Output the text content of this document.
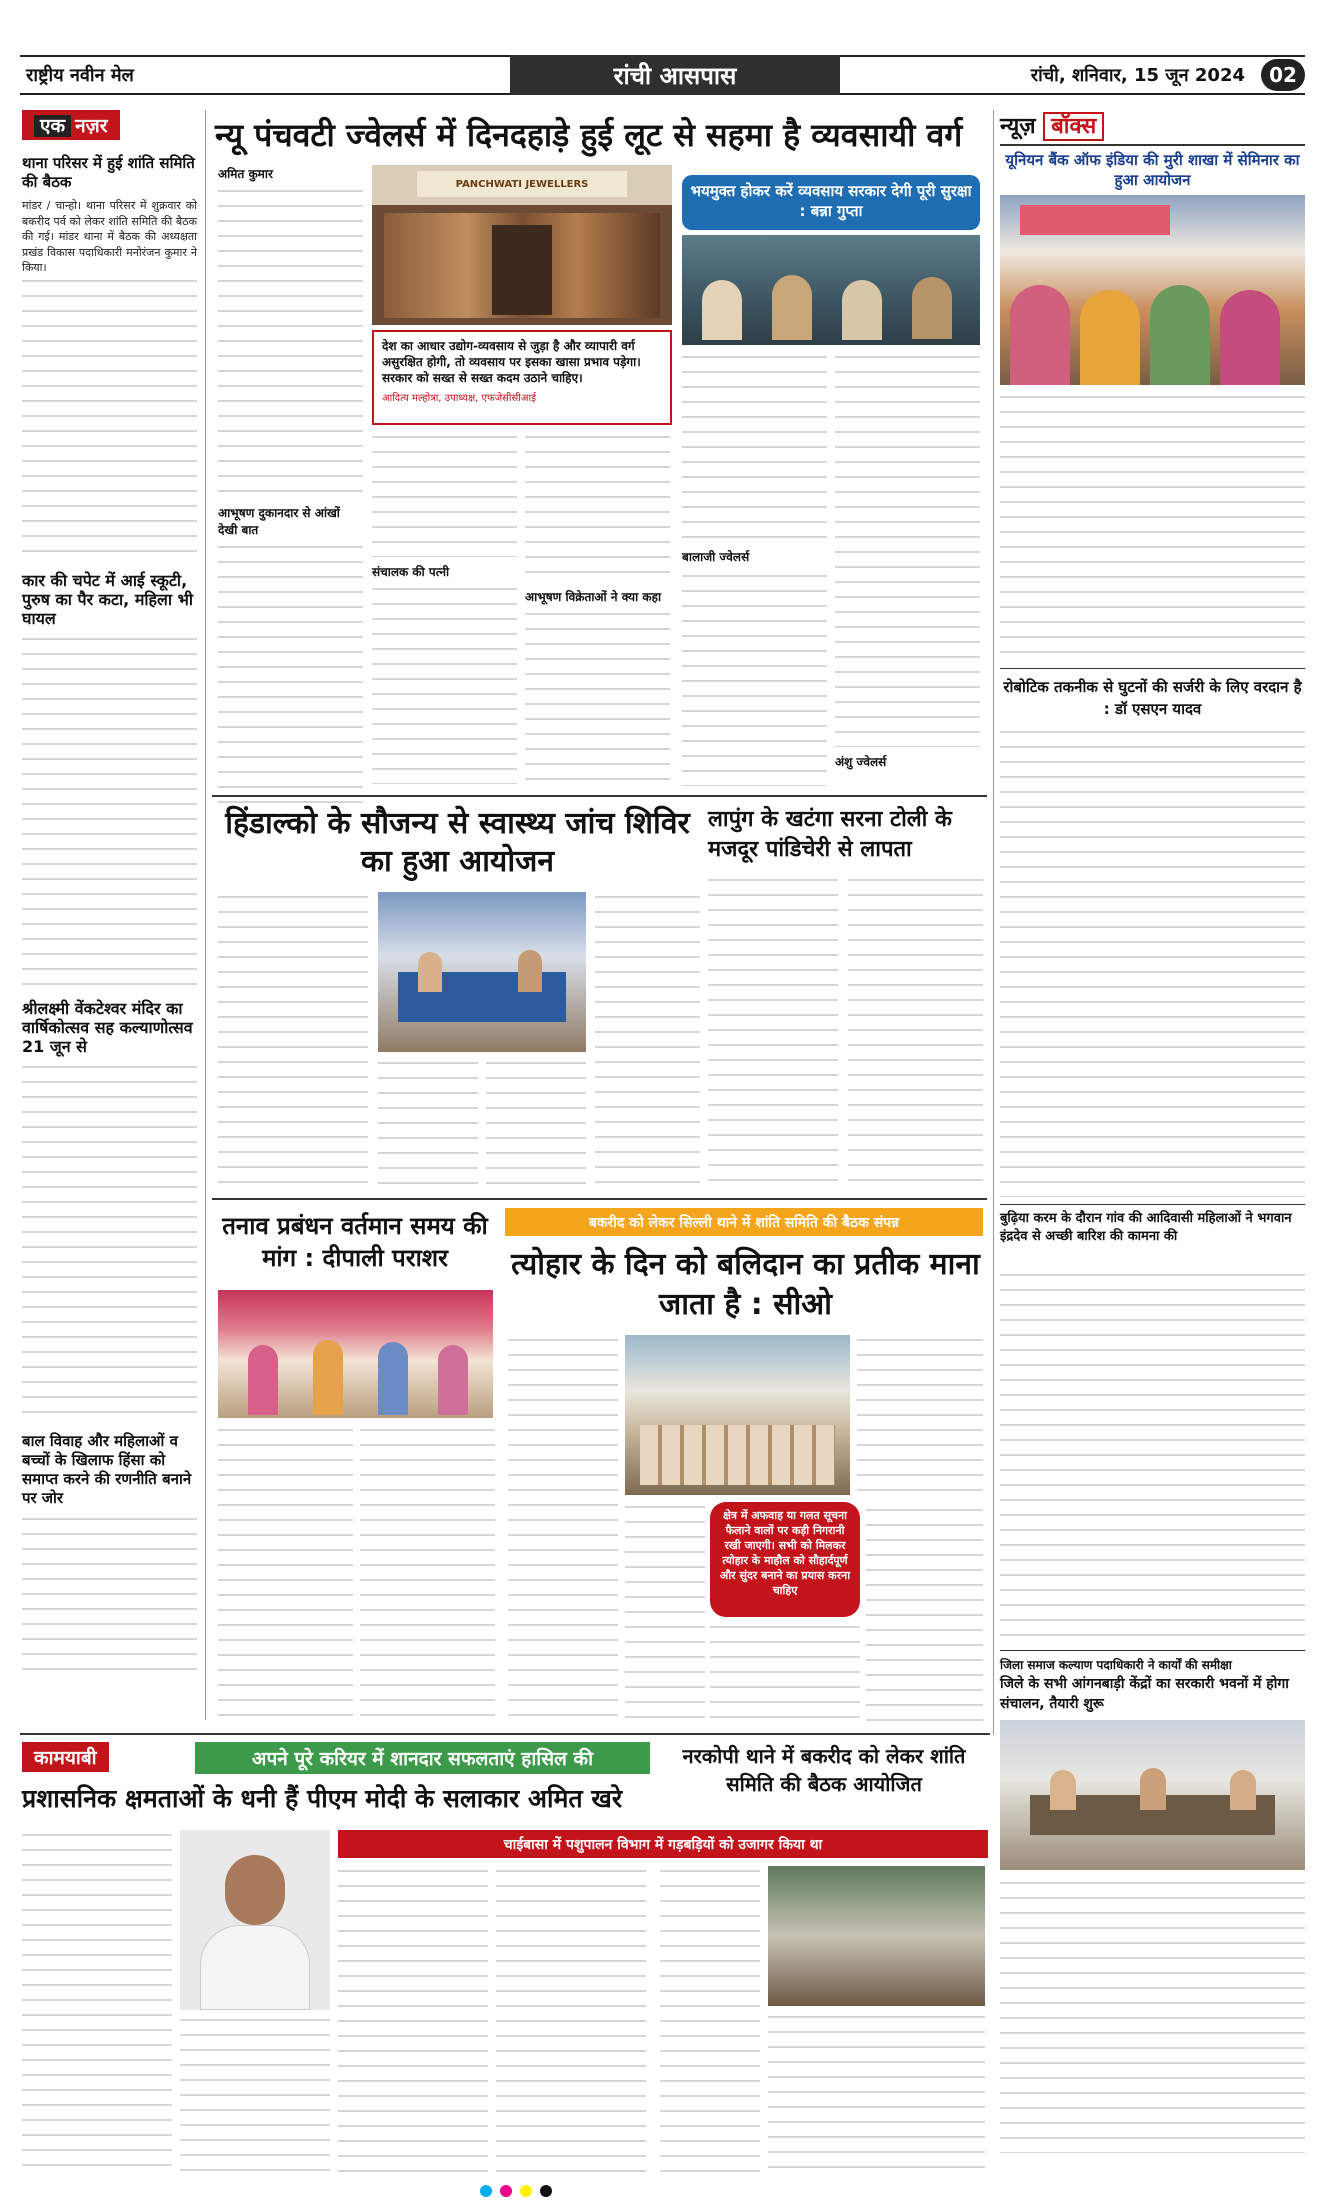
राष्ट्रीय नवीन मेल	रांची आसपास	रांची, शनिवार, 15 जून 2024	02
एक नज़र
थाना परिसर में हुई शांति समिति की बैठक
मांडर / चान्हो। थाना परिसर में शुक्रवार को बकरीद पर्व को लेकर शांति समिति की बैठक की गई। मांडर थाना में बैठक की अध्यक्षता प्रखंड विकास पदाधिकारी मनोरंजन कुमार ने किया।
कार की चपेट में आई स्कूटी, पुरुष का पैर कटा, महिला भी घायल
श्रीलक्ष्मी वेंकटेश्वर मंदिर का वार्षिकोत्सव सह कल्याणोत्सव 21 जून से
बाल विवाह और महिलाओं व बच्चों के खिलाफ हिंसा को समाप्त करने की रणनीति बनाने पर जोर
न्यू पंचवटी ज्वेलर्स में दिनदहाड़े हुई लूट से सहमा है व्यवसायी वर्ग
अमित कुमार
आभूषण दुकानदार से आंखों देखी बात
PANCHWATI JEWELLERS
देश का आधार उद्योग-व्यवसाय से जुड़ा है और व्यापारी वर्ग असुरक्षित होगी, तो व्यवसाय पर इसका खासा प्रभाव पड़ेगा। सरकार को सख्त से सख्त कदम उठाने चाहिए।
आदित्य मल्होत्रा, उपाध्यक्ष, एफजेसीसीआई
संचालक की पत्नी
आभूषण विक्रेताओं ने क्या कहा
भयमुक्त होकर करें व्यवसाय सरकार देगी पूरी सुरक्षा : बन्ना गुप्ता
बालाजी ज्वेलर्स
अंशु ज्वेलर्स
हिंडाल्को के सौजन्य से स्वास्थ्य जांच शिविर का हुआ आयोजन
लापुंग के खटंगा सरना टोली के मजदूर पांडिचेरी से लापता
तनाव प्रबंधन वर्तमान समय की मांग : दीपाली पराशर
बकरीद को लेकर सिल्ली थाने में शांति समिति की बैठक संपन्न
त्योहार के दिन को बलिदान का प्रतीक माना जाता है : सीओ
क्षेत्र में अफवाह या गलत सूचना फैलाने वालों पर कड़ी निगरानी रखी जाएगी। सभी को मिलकर त्योहार के माहौल को सौहार्दपूर्ण और सुंदर बनाने का प्रयास करना चाहिए
न्यूज़ बॉक्स
यूनियन बैंक ऑफ इंडिया की मुरी शाखा में सेमिनार का हुआ आयोजन
रोबोटिक तकनीक से घुटनों की सर्जरी के लिए वरदान है : डॉ एसएन यादव
बुढ़िया करम के दौरान गांव की आदिवासी महिलाओं ने भगवान इंद्रदेव से अच्छी बारिश की कामना की
जिला समाज कल्याण पदाधिकारी ने कार्यों की समीक्षा
जिले के सभी आंगनबाड़ी केंद्रों का सरकारी भवनों में होगा संचालन, तैयारी शुरू
कामयाबी	अपने पूरे करियर में शानदार सफलताएं हासिल की
प्रशासनिक क्षमताओं के धनी हैं पीएम मोदी के सलाकार अमित खरे
चाईबासा में पशुपालन विभाग में गड़बड़ियों को उजागर किया था
नरकोपी थाने में बकरीद को लेकर शांति समिति की बैठक आयोजित
